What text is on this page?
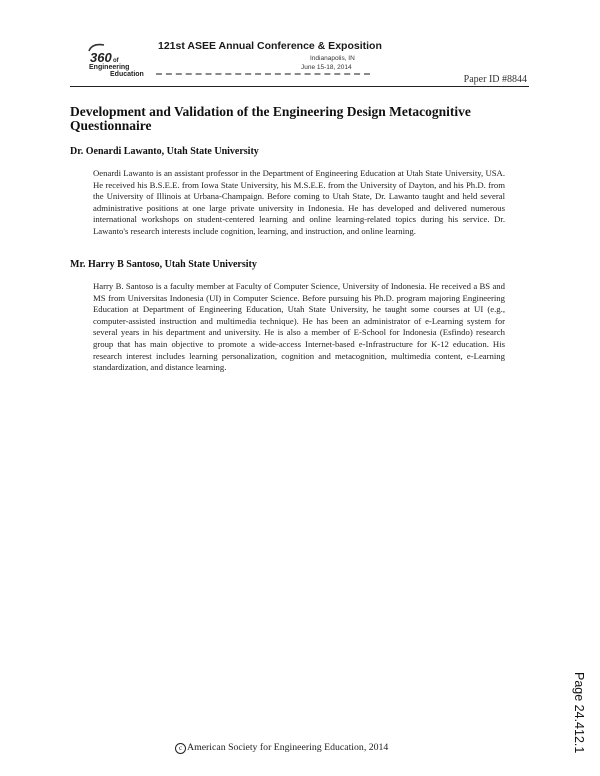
360 of
Engineering
Education
121st ASEE Annual Conference & Exposition
Indianapolis, IN
June 15-18, 2014
Paper ID #8844
Development and Validation of the Engineering Design Metacognitive Questionnaire
Dr. Oenardi Lawanto, Utah State University

Oenardi Lawanto is an assistant professor in the Department of Engineering Education at Utah State University, USA. He received his B.S.E.E. from Iowa State University, his M.S.E.E. from the University of Dayton, and his Ph.D. from the University of Illinois at Urbana-Champaign. Before coming to Utah State, Dr. Lawanto taught and held several administrative positions at one large private university in Indonesia. He has developed and delivered numerous international workshops on student-centered learning and online learning-related topics during his service. Dr. Lawanto's research interests include cognition, learning, and instruction, and online learning.

Mr. Harry B Santoso, Utah State University

Harry B. Santoso is a faculty member at Faculty of Computer Science, University of Indonesia. He received a BS and MS from Universitas Indonesia (UI) in Computer Science. Before pursuing his Ph.D. program majoring Engineering Education at Department of Engineering Education, Utah State University, he taught some courses at UI (e.g., computer-assisted instruction and multimedia technique). He has been an administrator of e-Learning system for several years in his department and university. He is also a member of E-School for Indonesia (Esfindo) research group that has main objective to promote a wide-access Internet-based e-Infrastructure for K-12 education. His research interest includes learning personalization, cognition and metacognition, multimedia content, e-Learning standardization, and distance learning.

c American Society for Engineering Education, 2014	Page 24.412.1
